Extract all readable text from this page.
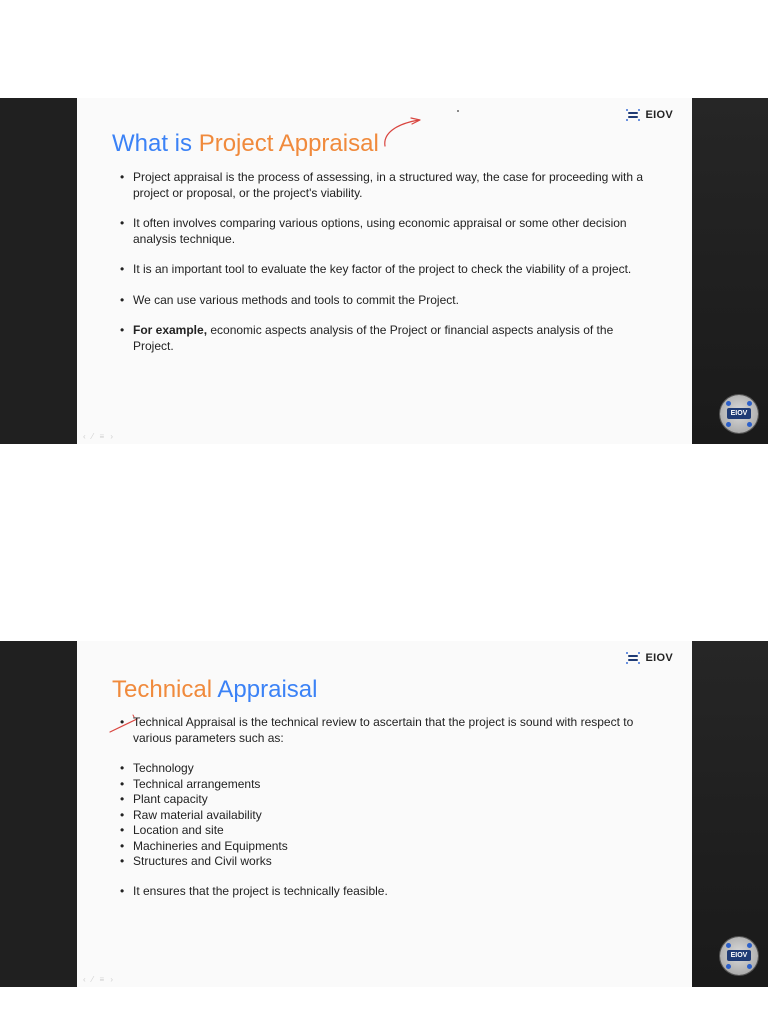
EIOV
What is Project Appraisal
• Project appraisal is the process of assessing, in a structured way, the case for proceeding with a project or proposal, or the project's viability.
• It often involves comparing various options, using economic appraisal or some other decision analysis technique.
• It is an important tool to evaluate the key factor of the project to check the viability of a project.
• We can use various methods and tools to commit the Project.
• For example, economic aspects analysis of the Project or financial aspects analysis of the Project.
‹ ⁄ ≡ ›
EIOV
EIOV
Technical Appraisal
• Technical Appraisal is the technical review to ascertain that the project is sound with respect to various parameters such as:
• Technology
• Technical arrangements
• Plant capacity
• Raw material availability
• Location and site
• Machineries and Equipments
• Structures and Civil works
• It ensures that the project is technically feasible.
‹ ⁄ ≡ ›
EIOV
